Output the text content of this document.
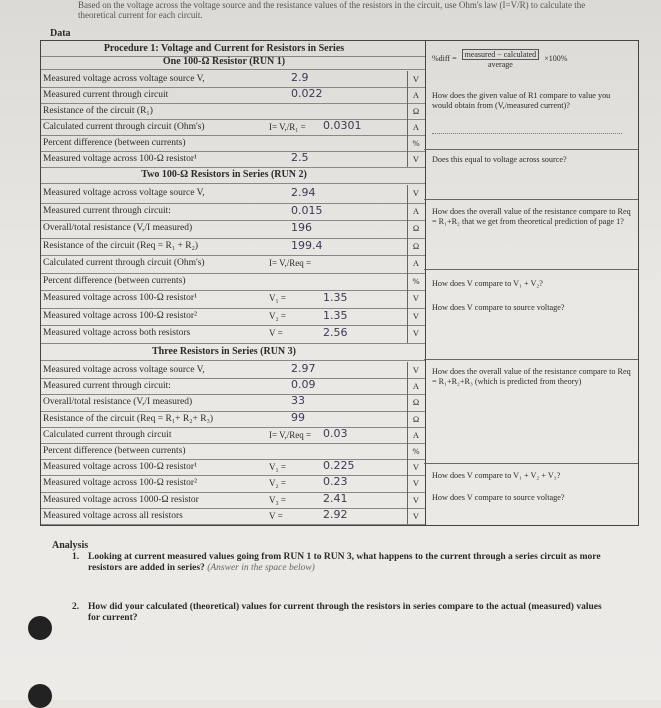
Based on the voltage across the voltage source and the resistance values of the resistors in the circuit, use Ohm's law (I=V/R) to calculate the theoretical current for each circuit.
Data
Procedure 1: Voltage and Current for Resistors in Series
One 100-Ω Resistor (RUN 1)
Measured voltage across voltage source V,	2.9	V
Measured current through circuit	0.022	A
Resistance of the circuit (R₁)	Ω
Calculated current through circuit (Ohm's)	I= V,/R₁ = 0.0301	A
Percent difference (between currents)	%
Measured voltage across 100-Ω resistor¹	2.5	V
Two 100-Ω Resistors in Series (RUN 2)
Measured voltage across voltage source V,	2.94	V
Measured current through circuit:	0.015	A
Overall/total resistance (V,/I measured)	196	Ω
Resistance of the circuit (Req = R₁ + R₂)	199.4	Ω
Calculated current through circuit (Ohm's)	I= V,/Req =	A
Percent difference (between currents)	%
Measured voltage across 100-Ω resistor¹	V₁ =	1.35	V
Measured voltage across 100-Ω resistor²	V₂ =	1.35	V
Measured voltage across both resistors	V =	2.56	V
Three Resistors in Series (RUN 3)
Measured voltage across voltage source V,	2.97	V
Measured current through circuit:	0.09	A
Overall/total resistance (V,/I measured)	33	Ω
Resistance of the circuit (Req = R₁+ R₂+ R₃)	99	Ω
Calculated current through circuit	I= V,/Req = 0.03	A
Percent difference (between currents)	%
Measured voltage across 100-Ω resistor¹	V₁ =	0.225	V
Measured voltage across 100-Ω resistor²	V₂ =	0.23	V
Measured voltage across 1000-Ω resistor	V₃ =	2.41	V
Measured voltage across all resistors	V =	2.92	V
%diff =	measured − calculated
average
×100%
How does the given value of R1 compare to value you would obtain from (V,/measured current)?
Does this equal to voltage across source?
How does the overall value of the resistance compare to Req = R₁+R₂ that we get from theoretical prediction of page 1?
How does V compare to V₁ + V₂?
How does V compare to source voltage?
How does the overall value of the resistance compare to Req = R₁+R₂+R₃ (which is predicted from theory)
How does V compare to V₁ + V₂ + V₃?
How does V compare to source voltage?
Analysis
1. Looking at current measured values going from RUN 1 to RUN 3, what happens to the current through a series circuit as more resistors are added in series? (Answer in the space below)
2. How did your calculated (theoretical) values for current through the resistors in series compare to the actual (measured) values for current?
